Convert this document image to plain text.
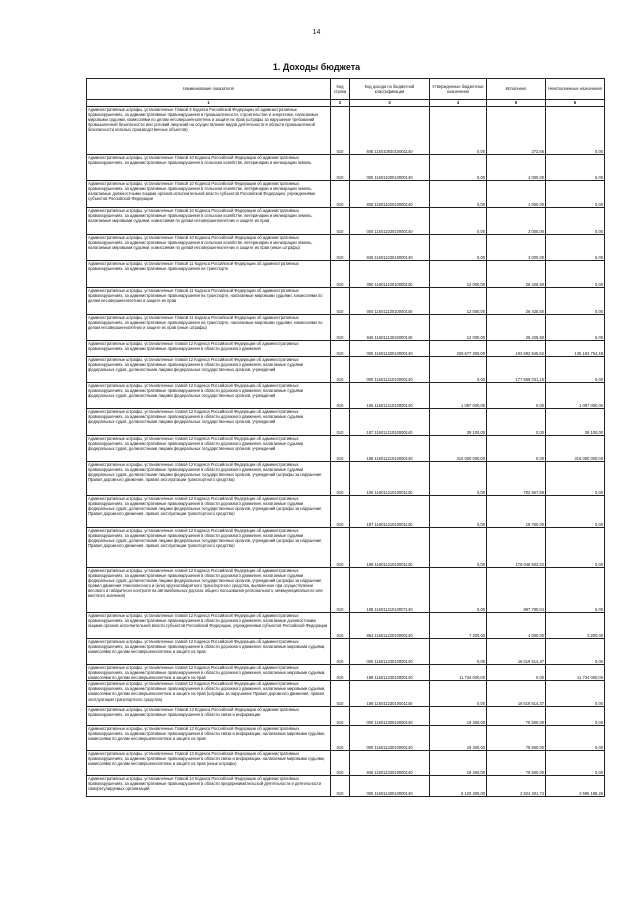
14
1. Доходы бюджета
Наименование показателя	Код строки	Код дохода по бюджетной классификации	Утвержденные бюджетные назначения	Исполнено	Неисполненные назначения
1	2	3	4	5	6
Административные штрафы, установленные Главой 9 Кодекса Российской Федерации об административных правонарушениях, за административные правонарушения в промышленности, строительстве и энергетике, налагаемые мировыми судьями, комиссиями по делам несовершеннолетних и защите их прав (штрафы за нарушение требований промышленной безопасности или условий лицензий на осуществление видов деятельности в области промышленной безопасности опасных производственных объектов)	010	846 11601093010001140	0,00	272,56	0,00
Административные штрафы, установленные Главой 10 Кодекса Российской Федерации об административных правонарушениях, за административные правонарушения в сельском хозяйстве, ветеринарии и мелиорации земель	010	000 11601100010000140	0,00	4 000,00	0,00
Административные штрафы, установленные Главой 10 Кодекса Российской Федерации об административных правонарушениях, за административные правонарушения в сельском хозяйстве, ветеринарии и мелиорации земель, налагаемые должностными лицами органов исполнительной власти субъектов Российской Федерации, учреждениями субъектов Российской Федерации	010	835 11601102010000140	0,00	1 000,00	0,00
Административные штрафы, установленные Главой 10 Кодекса Российской Федерации об административных правонарушениях, за административные правонарушения в сельском хозяйстве, ветеринарии и мелиорации земель, налагаемые мировыми судьями, комиссиями по делам несовершеннолетних и защите их прав	010	000 11601103010000140	0,00	3 000,00	0,00
Административные штрафы, установленные Главой 10 Кодекса Российской Федерации об административных правонарушениях, за административные правонарушения в сельском хозяйстве, ветеринарии и мелиорации земель, налагаемые мировыми судьями, комиссиями по делам несовершеннолетних и защите их прав (иные штрафы)	010	846 11601103019000140	0,00	3 000,00	0,00
Административные штрафы, установленные Главой 11 Кодекса Российской Федерации об административных правонарушениях, за административные правонарушения на транспорте	010	000 11601110010000140	12 000,00	26 425,50	0,00
Административные штрафы, установленные Главой 11 Кодекса Российской Федерации об административных правонарушениях, за административные правонарушения на транспорте, налагаемые мировыми судьями, комиссиями по делам несовершеннолетних и защите их прав	010	000 11601113010000140	12 000,00	26 425,50	0,00
Административные штрафы, установленные Главой 11 Кодекса Российской Федерации об административных правонарушениях, за административные правонарушения на транспорте, налагаемые мировыми судьями, комиссиями по делам несовершеннолетних и защите их прав (иные штрафы)	010	846 11601113019000140	12 000,00	26 425,50	0,00
Административные штрафы, установленные главой 12 Кодекса Российской Федерации об административных правонарушениях, за административные правонарушения в области дорожного движения	010	000 11601120010000140	328 677 300,00	193 692 545,52	135 184 754,48
Административные штрафы, установленные главой 12 Кодекса Российской Федерации об административных правонарушениях, за административные правонарушения в области дорожного движения, налагаемые судьями федеральных судов, должностными лицами федеральных государственных органов, учреждений	010	000 11601121010000140	0,00	177 669 031,15	0,00
Административные штрафы, установленные главой 12 Кодекса Российской Федерации об административных правонарушениях, за административные правонарушения в области дорожного движения, налагаемые судьями федеральных судов, должностными лицами федеральных государственных органов, учреждений	010	106 11601121010000140	1 097 000,00	0,00	1 097 000,00
Административные штрафы, установленные главой 12 Кодекса Российской Федерации об административных правонарушениях, за административные правонарушения в области дорожного движения, налагаемые судьями федеральных судов, должностными лицами федеральных государственных органов, учреждений	010	187 11601121010000140	39 100,00	0,00	39 100,00
Административные штрафы, установленные главой 12 Кодекса Российской Федерации об административных правонарушениях, за административные правонарушения в области дорожного движения, налагаемые судьями федеральных судов, должностными лицами федеральных государственных органов, учреждений	010	188 11601121010000140	316 000 000,00	0,00	316 000 000,00
Административные штрафы, установленные главой 12 Кодекса Российской Федерации об административных правонарушениях, за административные правонарушения в области дорожного движения, налагаемые судьями федеральных судов, должностными лицами федеральных государственных органов, учреждений (штрафы за нарушение Правил дорожного движения, правил эксплуатации транспортного средства)	010	106 11601121010001140	0,00	702 667,89	0,00
Административные штрафы, установленные главой 12 Кодекса Российской Федерации об административных правонарушениях, за административные правонарушения в области дорожного движения, налагаемые судьями федеральных судов, должностными лицами федеральных государственных органов, учреждений (штрафы за нарушение Правил дорожного движения, правил эксплуатации транспортного средства)	010	187 11601121010001140	0,00	19 750,00	0,00
Административные штрафы, установленные главой 12 Кодекса Российской Федерации об административных правонарушениях, за административные правонарушения в области дорожного движения, налагаемые судьями федеральных судов, должностными лицами федеральных государственных органов, учреждений (штрафы за нарушение Правил дорожного движения, правил эксплуатации транспортного средства)	010	188 11601121010001140	0,00	176 048 833,22	0,00
Административные штрафы, установленные главой 12 Кодекса Российской Федерации об административных правонарушениях, за административные правонарушения в области дорожного движения, налагаемые судьями федеральных судов, должностными лицами федеральных государственных органов, учреждений (штрафы за нарушение правил движения тяжеловесного и (или) крупногабаритного транспортного средства, выявленное при осуществлении весового и габаритного контроля на автомобильных дорогах общего пользования регионального, межмуниципального или местного значения)	010	188 11601121010007140	0,00	897 780,04	0,00
Административные штрафы, установленные главой 12 Кодекса Российской Федерации об административных правонарушениях, за административные правонарушения в области дорожного движения, налагаемые должностными лицами органов исполнительной власти субъектов Российской Федерации, учреждениями субъектов Российской Федерации	010	864 11601122010000140	7 200,00	4 000,00	3 200,00
Административные штрафы, установленные главой 12 Кодекса Российской Федерации об административных правонарушениях, за административные правонарушения в области дорожного движения, налагаемые мировыми судьями, комиссиями по делам несовершеннолетних и защите их прав	010	000 11601123010000140	0,00	16 019 514,37	0,00
Административные штрафы, установленные главой 12 Кодекса Российской Федерации об административных правонарушениях, за административные правонарушения в области дорожного движения, налагаемые мировыми судьями, комиссиями по делам несовершеннолетних и защите их прав	010	188 11601123010000140	11 734 000,00	0,00	11 734 000,00
Административные штрафы, установленные главой 12 Кодекса Российской Федерации об административных правонарушениях, за административные правонарушения в области дорожного движения, налагаемые мировыми судьями, комиссиями по делам несовершеннолетних и защите их прав (штрафы за нарушение Правил дорожного движения, правил эксплуатации транспортного средства)	010	188 11601123010001140	0,00	16 019 514,37	0,00
Административные штрафы, установленные Главой 13 Кодекса Российской Федерации об административных правонарушениях, за административные правонарушения в области связи и информации	010	000 11601130010000140	19 400,00	79 500,00	0,00
Административные штрафы, установленные Главой 13 Кодекса Российской Федерации об административных правонарушениях, за административные правонарушения в области связи и информации, налагаемые мировыми судьями, комиссиями по делам несовершеннолетних и защите их прав	010	000 11601133010000140	19 400,00	79 500,00	0,00
Административные штрафы, установленные Главой 13 Кодекса Российской Федерации об административных правонарушениях, за административные правонарушения в области связи и информации, налагаемые мировыми судьями, комиссиями по делам несовершеннолетних и защите их прав (иные штрафы)	010	846 11601133019000140	19 400,00	79 500,00	0,00
Административные штрафы, установленные Главой 14 Кодекса Российской Федерации об административных правонарушениях, за административные правонарушения в области предпринимательской деятельности и деятельности саморегулируемых организаций	010	000 11601140010000140	5 120 400,00	2 524 201,74	2 596 198,26
